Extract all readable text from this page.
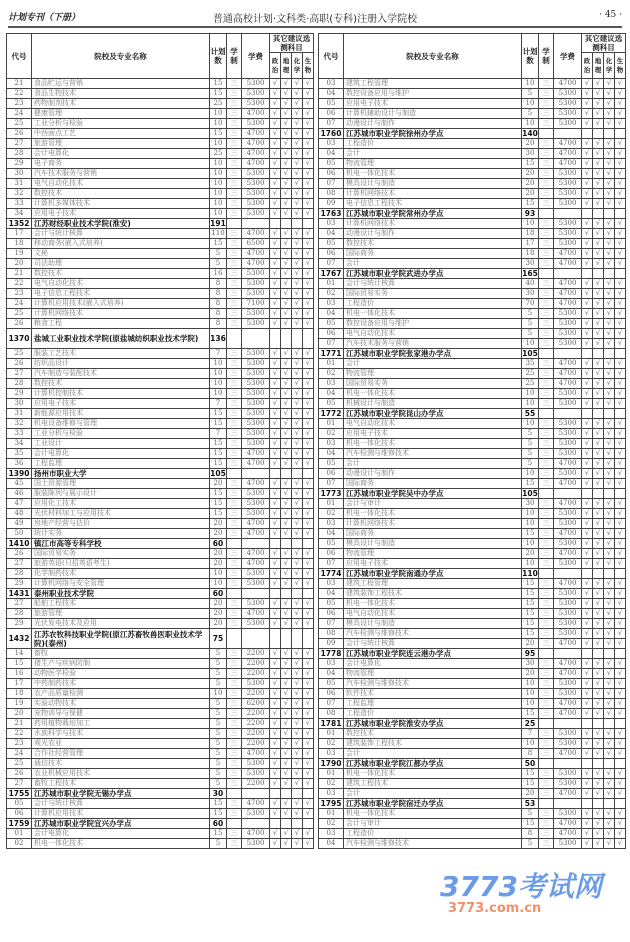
计划专刊（下册）	普通高校计划·文科类·高职(专科)注册入学院校	· 45 ·
代号	院校及专业名称	计划数	学制	学费	其它建议选测科目			
					政治	地理	化学	生物
21	食品贮运与营销	15	三	5300	√	√	√	√
22	食品生物技术	15	三	5300	√	√	√	√
23	药物制剂技术	25	三	5300	√	√	√	√
24	健康管理	10	三	4700	√	√	√	√
25	工业分析与检验	10	三	5300	√	√	√	√
26	中西面点工艺	15	三	4700	√	√	√	√
27	旅游管理	10	三	4700	√	√	√	√
28	会计电算化	25	三	4700	√	√	√	√
29	电子商务	10	三	4700	√	√	√	√
30	汽车技术服务与营销	10	三	5300	√	√	√	√
31	电气自动化技术	10	三	5300	√	√	√	√
32	数控技术	10	三	5300	√	√	√	√
33	计算机多媒体技术	10	三	5300	√	√	√	√
34	应用电子技术	10	三	5300	√	√	√	√
1352	江苏财经职业技术学院(淮安)	191						
17	会计与统计核算	110	三	4700	√	√	√	√
18	移动商务(嵌入式培养)	15	三	6500	√	√	√	√
19	文秘	5	三	4700	√	√	√	√
20	司法助理	5	三	4700	√	√	√	√
21	数控技术	16	三	5300	√	√	√	√
22	电气自动化技术	8	三	5300	√	√	√	√
23	电子信息工程技术	8	三	5300	√	√	√	√
24	计算机应用技术(嵌入式培养)	8	三	7100	√	√	√	√
25	计算机网络技术	8	三	5300	√	√	√	√
26	粮食工程	8	三	5300	√	√	√	√
1370	盐城工业职业技术学院(原盐城纺织职业技术学院)	136						
25	服装工艺技术	7	三	5300	√	√	√	√
26	纺织品设计	10	三	5300	√	√	√	√
27	汽车制造与装配技术	10	三	5300	√	√	√	√
28	数控技术	10	三	5300	√	√	√	√
29	计算机控制技术	10	三	5300	√	√	√	√
30	应用电子技术	7	三	5300	√	√	√	√
31	新能源应用技术	15	三	5300	√	√	√	√
32	机电设备维修与管理	15	三	5300	√	√	√	√
33	工业分析与检验	7	三	5300	√	√	√	√
34	工业设计	15	三	5300	√	√	√	√
35	会计电算化	15	三	4700	√	√	√	√
36	工程监理	15	三	4700	√	√	√	√
1390	扬州市职业大学	105						
45	国土资源管理	20	三	4700	√	√	√	√
46	服装陈列与展示设计	15	三	5300	√	√	√	√
47	应用化工技术	15	三	5300	√	√	√	√
48	光伏材料加工与应用技术	15	三	5300	√	√	√	√
49	房地产经营与估价	20	三	4700	√	√	√	√
50	统计实务	20	三	4700	√	√	√	√
1410	镇江市高等专科学校	60						
26	国际贸易实务	20	三	4700	√	√	√	√
27	旅游英语(只招英语考生)	20	三	4700	√	√	√	√
28	化学制药技术	10	三	5300	√	√	√	√
29	计算机网络与安全管理	10	三	5300	√	√	√	√
1431	泰州职业技术学院	60						
27	船舶工程技术	20	三	5300	√	√	√	√
28	旅游管理	20	三	4700	√	√	√	√
29	光伏发电技术及应用	20	三	5300	√	√	√	√
1432	江苏农牧科技职业学院(原江苏畜牧兽医职业技术学院)(泰州)	75						
14	畜牧	5	三	2200	√	√	√	√
15	猪生产与疾病防制	5	三	2200	√	√	√	√
16	动物医学检验	5	三	2200	√	√	√	√
17	中药制药技术	5	三	5300	√	√	√	√
18	农产品质量检测	10	三	2200	√	√	√	√
19	实验动物技术	5	三	6200	√	√	√	√
20	宠物训导与保健	5	三	2200	√	√	√	√
21	药用植物栽培加工	5	三	2200	√	√	√	√
22	水族科学与技术	5	三	2200	√	√	√	√
23	观光农业	5	三	2200	√	√	√	√
24	合作社经营管理	5	三	4700	√	√	√	√
25	通信技术	5	三	5300	√	√	√	√
26	农业机械应用技术	5	三	5300	√	√	√	√
27	畜牧工程技术	5	三	2200	√	√	√	√
1755	江苏城市职业学院无锡办学点	30						
05	会计与统计核算	15	三	4700	√	√	√	√
06	计算机应用技术	15	三	5300	√	√	√	√
1759	江苏城市职业学院宜兴办学点	60						
01	会计电算化	15	三	4700	√	√	√	√
02	机电一体化技术	5	三	5300	√	√	√	√
代号	院校及专业名称	计划数	学制	学费	其它建议选测科目			
					政治	地理	化学	生物
03	建筑工程管理	10	三	4700	√	√	√	√
04	数控设备应用与维护	5	三	5300	√	√	√	√
05	应用电子技术	10	三	5300	√	√	√	√
06	计算机辅助设计与制造	5	三	5300	√	√	√	√
07	动漫设计与制作	10	三	5300	√	√	√	√
1760	江苏城市职业学院徐州办学点	140						
03	工程造价	20	三	4700	√	√	√	√
04	会计	30	三	4700	√	√	√	√
05	物流管理	15	三	4700	√	√	√	√
06	机电一体化技术	20	三	5300	√	√	√	√
07	模具设计与制造	20	三	5300	√	√	√	√
08	计算机网络技术	20	三	5300	√	√	√	√
09	电子信息工程技术	15	三	5300	√	√	√	√
1763	江苏城市职业学院常州办学点	93						
03	计算机网络技术	10	三	5300	√	√	√	√
04	动漫设计与制作	18	三	5300	√	√	√	√
05	数控技术	17	三	5300	√	√	√	√
06	国际商务	18	三	4700	√	√	√	√
07	会计	30	三	4700	√	√	√	√
1767	江苏城市职业学院武进办学点	165						
01	会计与统计核算	40	三	4700	√	√	√	√
02	国际贸易实务	30	三	4700	√	√	√	√
03	工程造价	70	三	4700	√	√	√	√
04	机电一体化技术	5	三	5300	√	√	√	√
05	数控设备应用与维护	5	三	5300	√	√	√	√
06	电气自动化技术	5	三	5300	√	√	√	√
07	汽车技术服务与营销	10	三	5300	√	√	√	√
1771	江苏城市职业学院张家港办学点	105						
01	会计	35	三	4700	√	√	√	√
02	物流管理	25	三	4700	√	√	√	√
03	国际贸易实务	25	三	4700	√	√	√	√
04	机电一体化技术	10	三	5300	√	√	√	√
05	机械设计与制造	10	三	5300	√	√	√	√
1772	江苏城市职业学院昆山办学点	55						
01	电气自动化技术	10	三	5300	√	√	√	√
02	应用电子技术	5	三	5300	√	√	√	√
03	机电一体化技术	5	三	5300	√	√	√	√
04	汽车检测与维修技术	5	三	5300	√	√	√	√
05	会计	5	三	4700	√	√	√	√
06	动漫设计与制作	10	三	5300	√	√	√	√
07	国际商务	15	三	4700	√	√	√	√
1773	江苏城市职业学院吴中办学点	105						
01	会计与审计	30	三	4700	√	√	√	√
02	机电一体化技术	10	三	5300	√	√	√	√
03	计算机网络技术	10	三	5300	√	√	√	√
04	国际商务	15	三	4700	√	√	√	√
05	模具设计与制造	10	三	5300	√	√	√	√
06	物流管理	20	三	4700	√	√	√	√
07	应用电子技术	10	三	5300	√	√	√	√
1774	江苏城市职业学院南通办学点	110						
03	建筑工程管理	15	三	4700	√	√	√	√
04	建筑装饰工程技术	15	三	5300	√	√	√	√
05	机电一体化技术	15	三	5300	√	√	√	√
06	电气自动化技术	15	三	5300	√	√	√	√
07	模具设计与制造	15	三	5300	√	√	√	√
08	汽车检测与维修技术	15	三	5300	√	√	√	√
09	会计与统计核算	20	三	4700	√	√	√	√
1778	江苏城市职业学院连云港办学点	95						
03	会计电算化	30	三	4700	√	√	√	√
04	物流管理	20	三	4700	√	√	√	√
05	汽车检测与维修技术	10	三	5300	√	√	√	√
06	软件技术	10	三	5300	√	√	√	√
07	工程监理	10	三	4700	√	√	√	√
08	工程造价	15	三	4700	√	√	√	√
1781	江苏城市职业学院淮安办学点	25						
01	数控技术	7	三	5300	√	√	√	√
02	建筑装饰工程技术	10	三	5300	√	√	√	√
03	会计	8	三	4700	√	√	√	√
1790	江苏城市职业学院江都办学点	50						
01	机电一体化技术	15	三	5300	√	√	√	√
02	建筑工程技术	15	三	5300	√	√	√	√
03	会计	20	三	4700	√	√	√	√
1795	江苏城市职业学院宿迁办学点	53						
01	机电一体化技术	5	三	5300	√	√	√	√
02	会计与审计	15	三	4700	√	√	√	√
03	工程造价	8	三	4700	√	√	√	√
04	汽车检测与维修技术	5	三	5300	√	√	√	√
3773考试网
3773.com.cn
